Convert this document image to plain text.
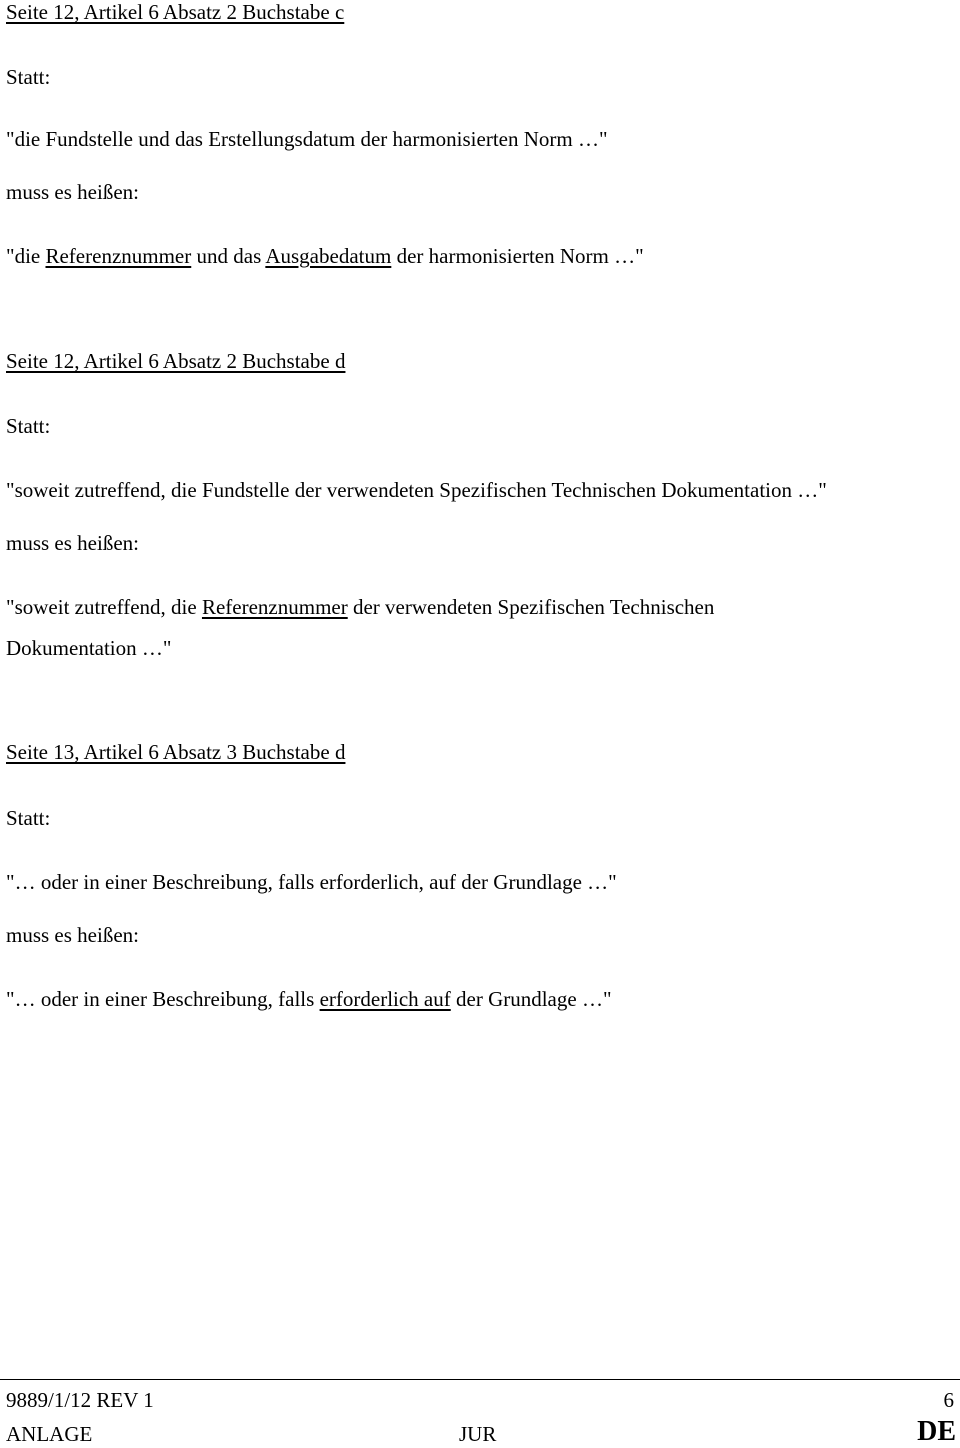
Seite 12, Artikel 6 Absatz 2 Buchstabe c
Statt:
"die Fundstelle und das Erstellungsdatum der harmonisierten Norm …"
muss es heißen:
"die Referenznummer und das Ausgabedatum der harmonisierten Norm …"
Seite 12, Artikel 6 Absatz 2 Buchstabe d
Statt:
"soweit zutreffend, die Fundstelle der verwendeten Spezifischen Technischen Dokumentation …"
muss es heißen:
"soweit zutreffend, die Referenznummer der verwendeten Spezifischen Technischen
Dokumentation …"
Seite 13, Artikel 6 Absatz 3 Buchstabe d
Statt:
"… oder in einer Beschreibung, falls erforderlich, auf der Grundlage …"
muss es heißen:
"… oder in einer Beschreibung, falls erforderlich auf der Grundlage …"
9889/1/12 REV 1	6
ANLAGE	JUR	DE
